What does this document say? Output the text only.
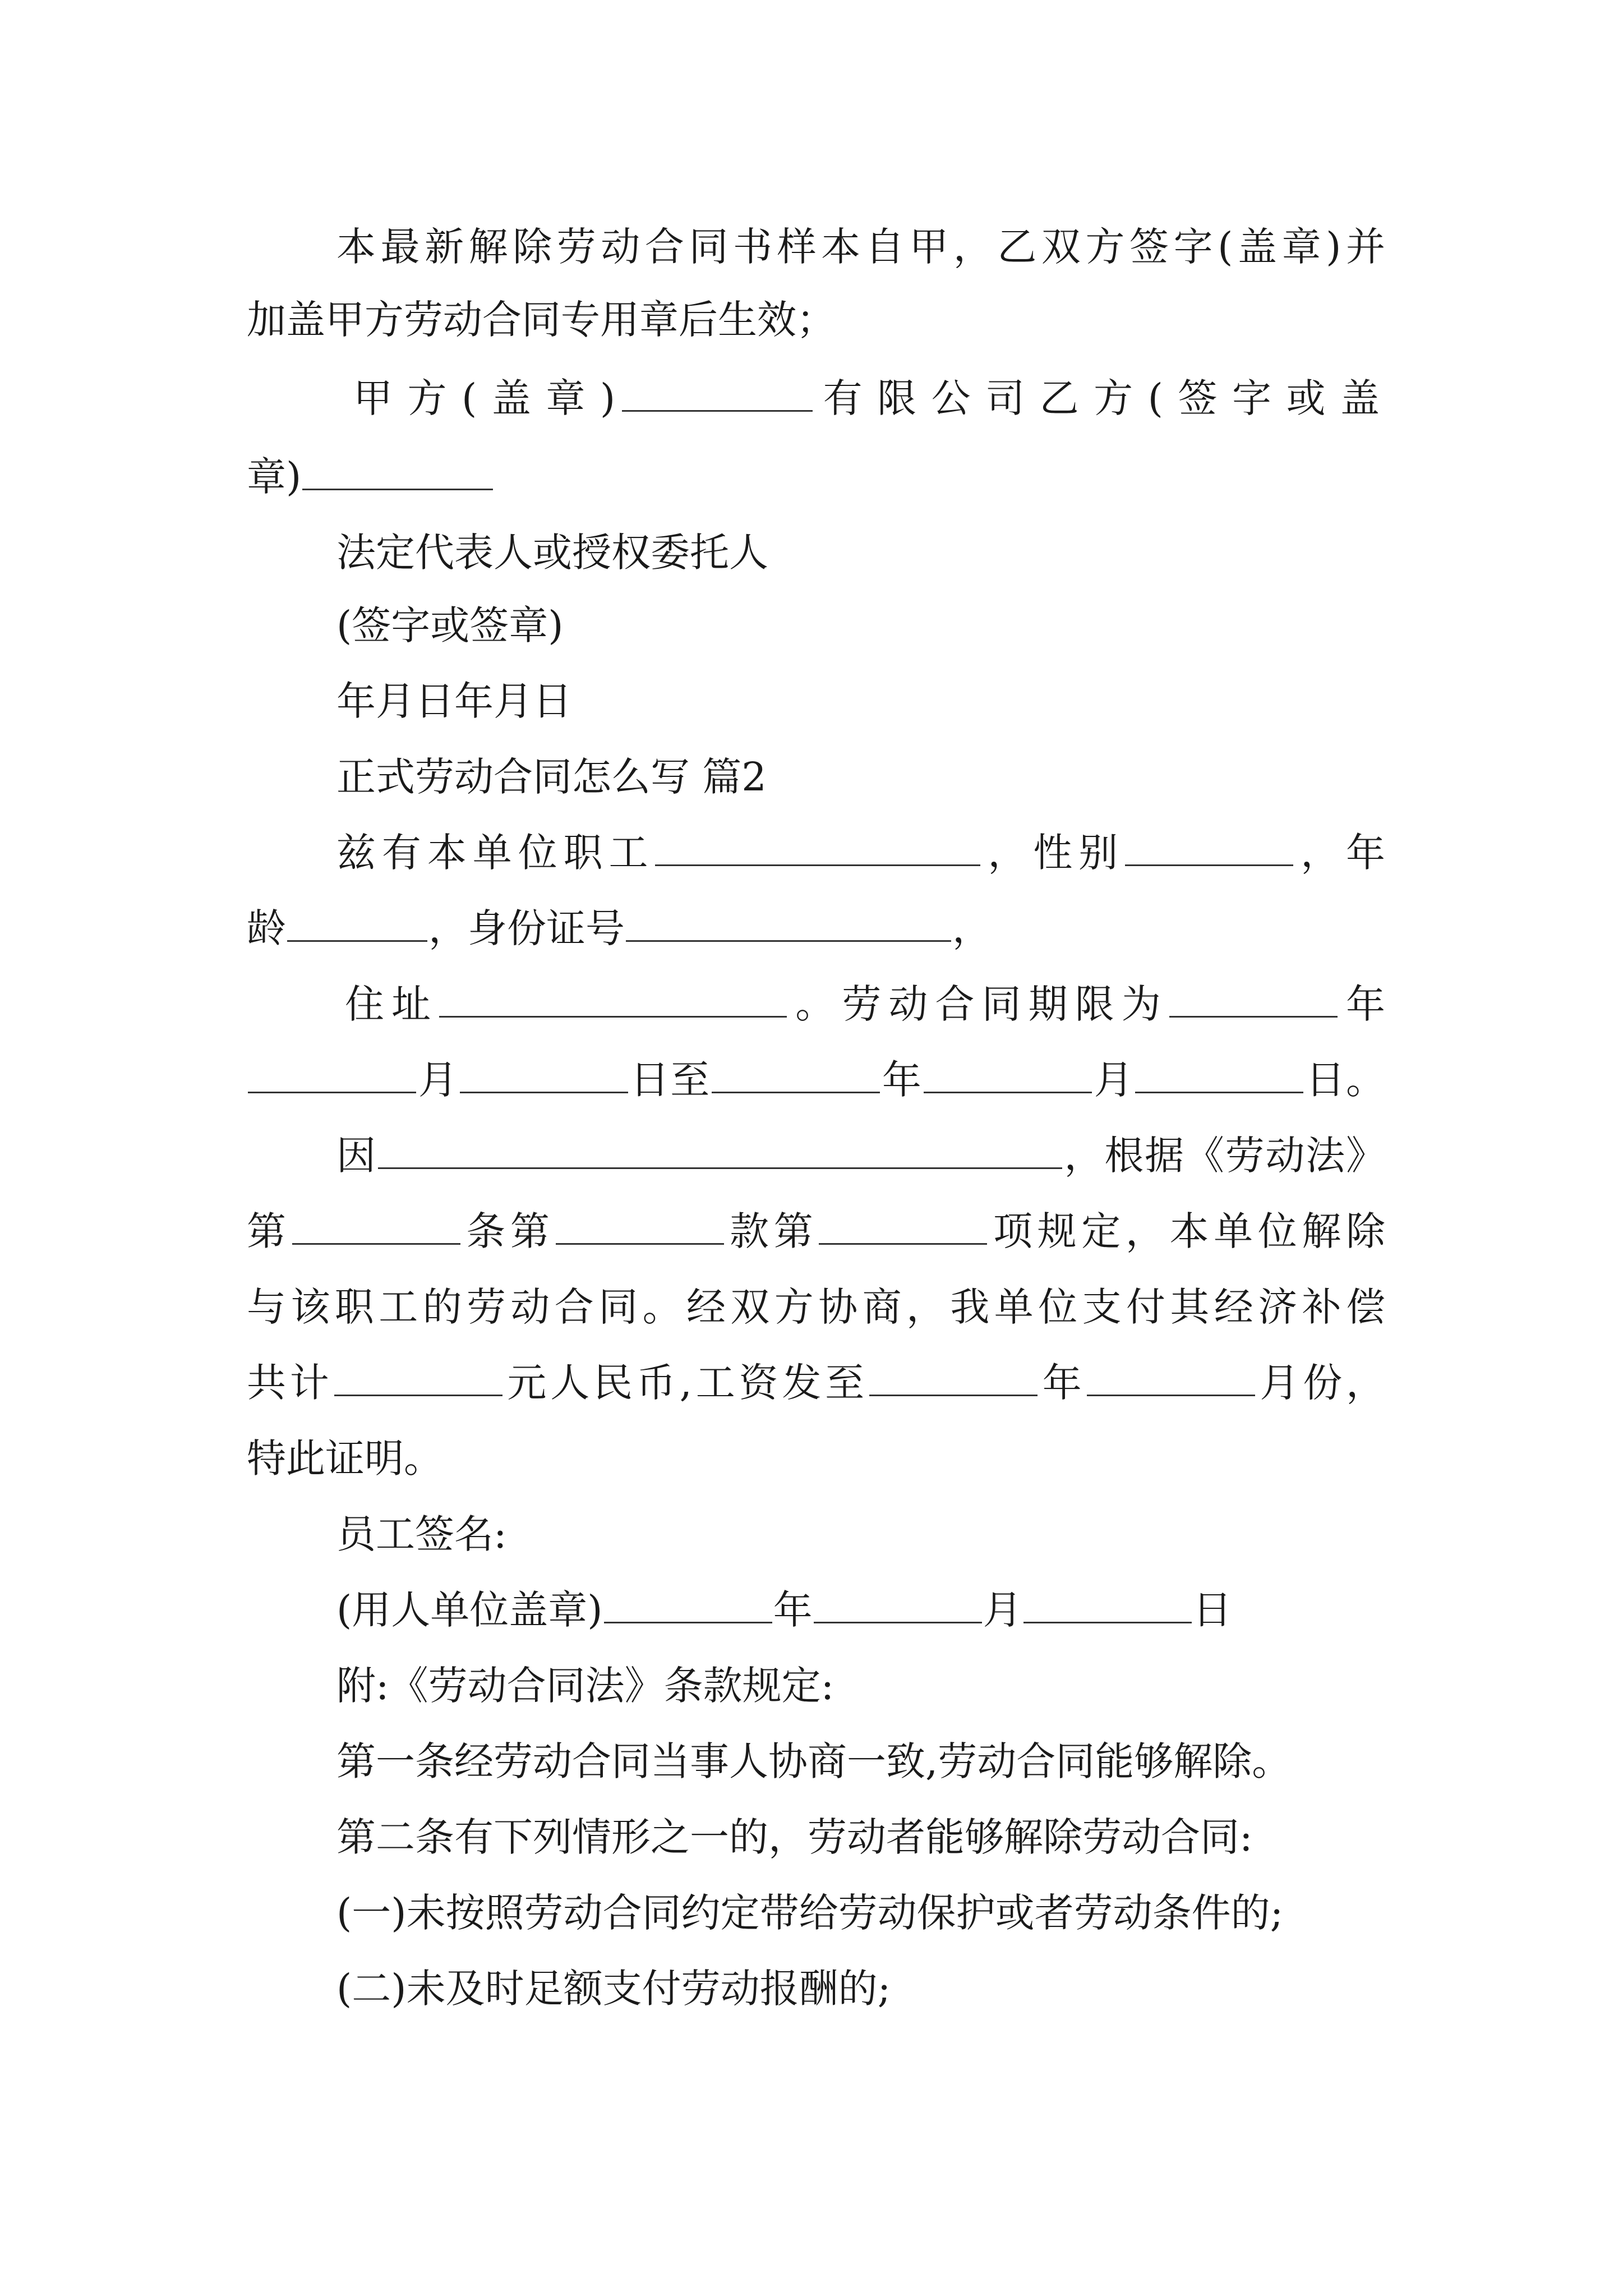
本最新解除劳动合同书样本自甲，乙双方签字(盖章)并
加盖甲方劳动合同专用章后生效；
甲方(盖章)	有限公司乙方(签字或盖
章)
法定代表人或授权委托人
(签字或签章)
年月日年月日
正式劳动合同怎么写 篇2
兹有本单位职工	，性别	，年
龄	，身份证号	，
住址	。劳动合同期限为	年
月	日至	年	月	日。
因	，根据《劳动法》
第	条第	款第	项规定，本单位解除
与该职工的劳动合同。经双方协商，我单位支付其经济补偿
共计	元人民币,工资发至	年	月份，
特此证明。
员工签名:
(用人单位盖章)	年	月	日
附:《劳动合同法》条款规定:
第一条经劳动合同当事人协商一致,劳动合同能够解除。
第二条有下列情形之一的，劳动者能够解除劳动合同:
(一)未按照劳动合同约定带给劳动保护或者劳动条件的;
(二)未及时足额支付劳动报酬的;
